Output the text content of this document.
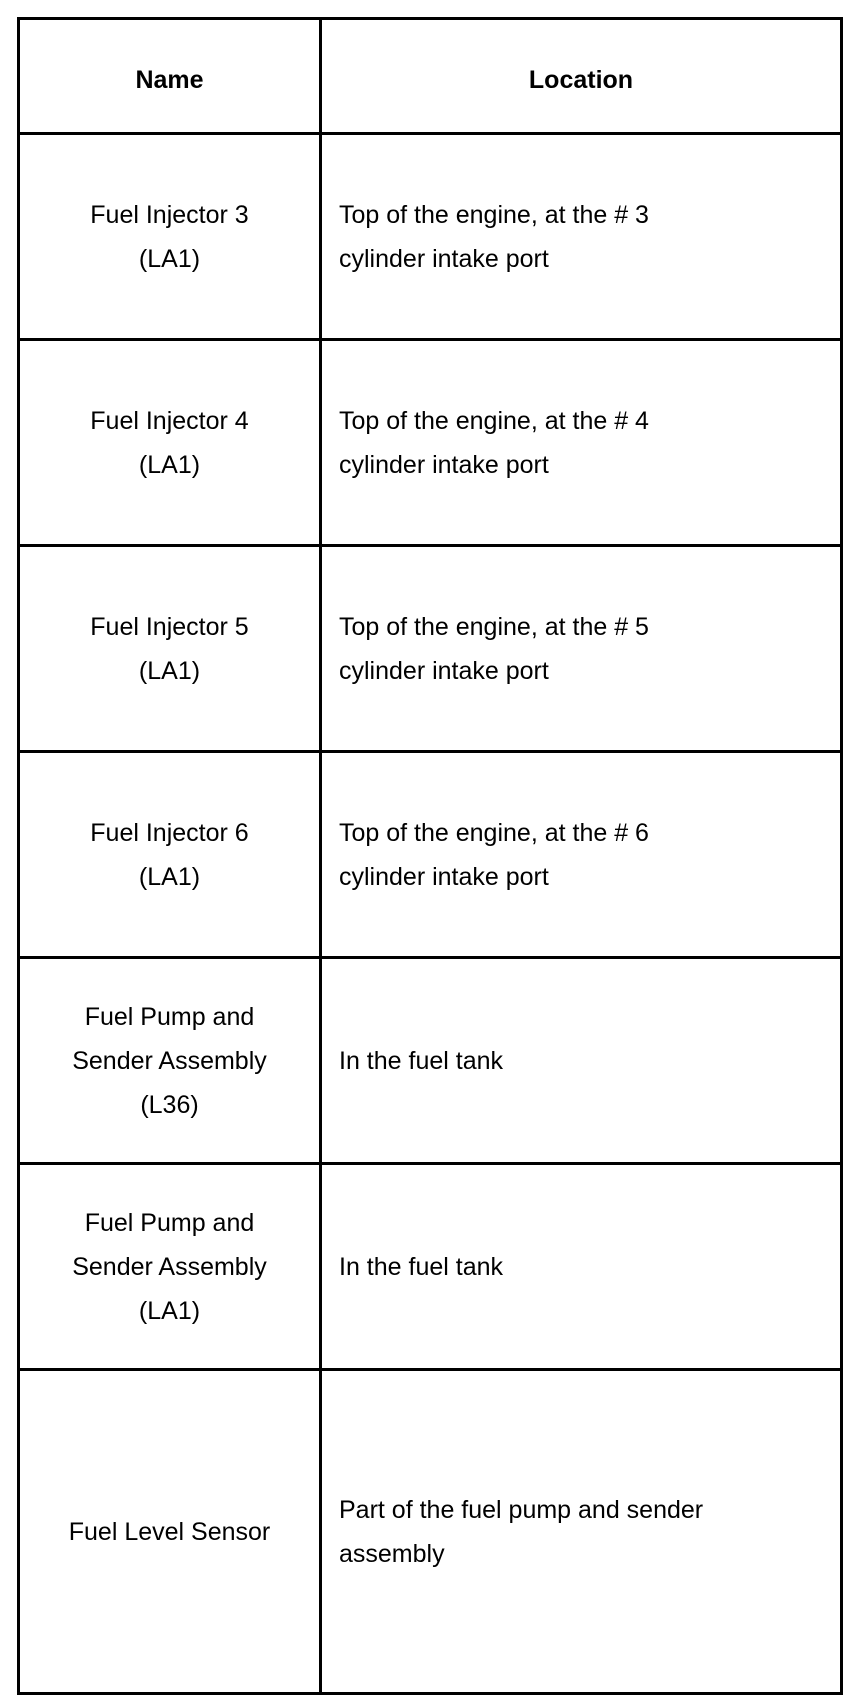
Name	Location

Fuel Injector 3
(LA1)	Top of the engine, at the # 3
cylinder intake port

Fuel Injector 4
(LA1)	Top of the engine, at the # 4
cylinder intake port

Fuel Injector 5
(LA1)	Top of the engine, at the # 5
cylinder intake port

Fuel Injector 6
(LA1)	Top of the engine, at the # 6
cylinder intake port

Fuel Pump and
Sender Assembly
(L36)	In the fuel tank

Fuel Pump and
Sender Assembly
(LA1)	In the fuel tank

Fuel Level Sensor	Part of the fuel pump and sender
assembly
